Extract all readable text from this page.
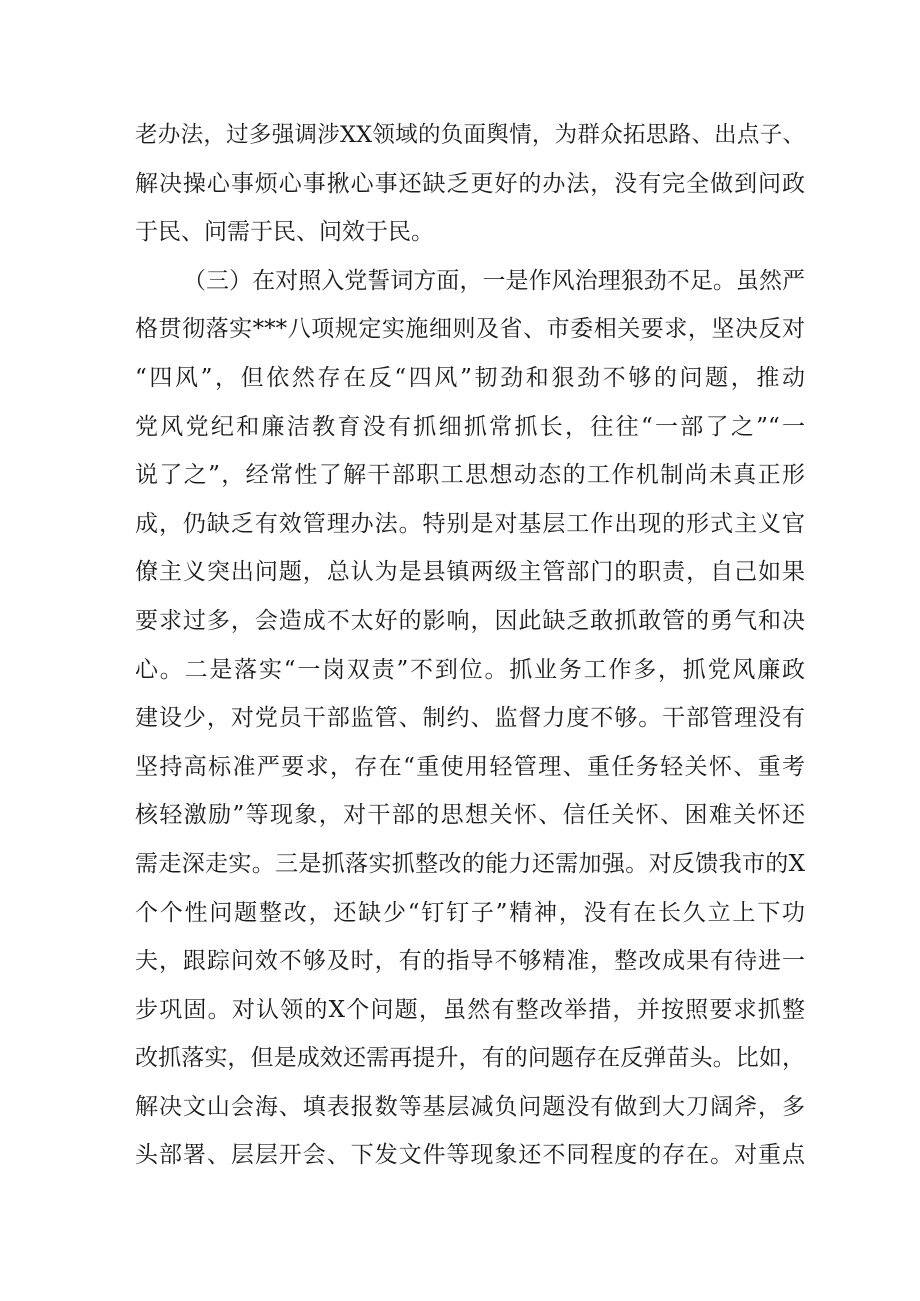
老办法，过多强调涉XX领域的负面舆情，为群众拓思路、出点子、
解决操心事烦心事揪心事还缺乏更好的办法，没有完全做到问政
于民、问需于民、问效于民。
（三）在对照入党誓词方面，一是作风治理狠劲不足。虽然严
格贯彻落实***八项规定实施细则及省、市委相关要求，坚决反对
“四风”，但依然存在反“四风”韧劲和狠劲不够的问题，推动
党风党纪和廉洁教育没有抓细抓常抓长，往往“一部了之”“一
说了之”，经常性了解干部职工思想动态的工作机制尚未真正形
成，仍缺乏有效管理办法。特别是对基层工作出现的形式主义官
僚主义突出问题，总认为是县镇两级主管部门的职责，自己如果
要求过多，会造成不太好的影响，因此缺乏敢抓敢管的勇气和决
心。二是落实“一岗双责”不到位。抓业务工作多，抓党风廉政
建设少，对党员干部监管、制约、监督力度不够。干部管理没有
坚持高标准严要求，存在“重使用轻管理、重任务轻关怀、重考
核轻激励”等现象，对干部的思想关怀、信任关怀、困难关怀还
需走深走实。三是抓落实抓整改的能力还需加强。对反馈我市的X
个个性问题整改，还缺少“钉钉子”精神，没有在长久立上下功
夫，跟踪问效不够及时，有的指导不够精准，整改成果有待进一
步巩固。对认领的X个问题，虽然有整改举措，并按照要求抓整
改抓落实，但是成效还需再提升，有的问题存在反弹苗头。比如，
解决文山会海、填表报数等基层减负问题没有做到大刀阔斧，多
头部署、层层开会、下发文件等现象还不同程度的存在。对重点
